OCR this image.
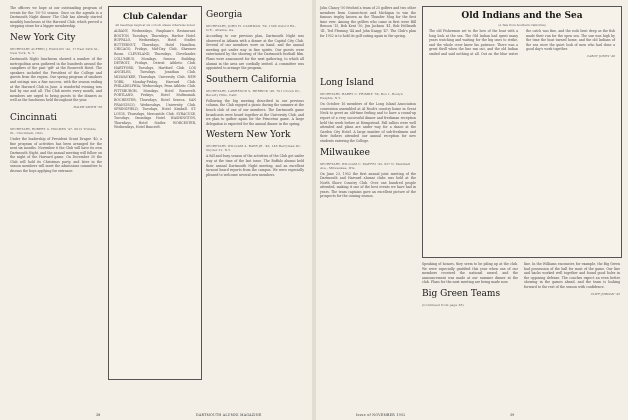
The officers we hope at our outstanding program of events for the '50-'53 season. Once on the agenda is a Dartmouth Night dinner. The Club has already started monthly luncheons at the Harvard Club, which proved a stepping stone for a bigger membership.

New York City

SECRETARY ALFRED J. HANLON '42, 17 East 29th St., New York, N. Y.

Dartmouth Night luncheons showed a number of the metropolitan area gathered in the hundreds around the campfires of the past 'gift' at the Roosevelt Hotel. The speakers included the President of the College and guests from the region. Our spring program of smokers and outings was a fine success, with the season ending at the Harvard Club in June. A wonderful evening was had by one and all. The Club meets every month, and members are urged to bring guests to the dinners as well as the luncheons held throughout the year.

RALPH SMITH '38

Cincinnati

SECRETARY, ROBERT A. HOLMES '47, 6012 Trimble St., Cincinnati, Ohio.

Under the leadership of President Grant Draper '40, a fine program of activities has been arranged for the next six months. November 6 the Club will have its own Dartmouth Night, and the annual meeting will follow on the night of the Harvard game. On December 30 the Club will hold its Christmas party, and later in the season members will meet the admissions committee to discuss the boys applying for entrance.

Club Calendar

All meetings begin at six o'clock unless otherwise noted

ALBANY, Wednesdays, Fanpham's Restaurant. BOSTON, Tuesdays, Thursdays, Harbor Hotel. BUFFALO, Wednesdays, Hotel Statler. BUTTERNUT, Thursdays, Hotel Hamilton. CHICAGO, Fridays, Mid-Day Club, Shawnee Room. CLEVELAND, Thursdays, Clevelander. COLUMBUS, Mondays, Seneca Building. DETROIT, Fridays, Detroit Athletic Club. HARTFORD, Tuesdays, Hartford Club. LOS ANGELES, Tuesdays, Jonathan Club. MILWAUKEE, Thursdays, University Club. NEW YORK, Monday-Friday, Harvard Club. PHILADELPHIA, Wednesdays, Penn Athletic Club. PITTSBURGH, Mondays, Hotel Roosevelt. PORTLAND, Fridays, Hotel Multnomah. ROCHESTER, Thursdays, Hotel Seneca. SAN FRANCISCO, Wednesdays, University Club. SPRINGFIELD, Tuesdays, Hotel Kimball. ST. LOUIS, Thursdays, Mercantile Club. SYRACUSE, Tuesdays, Onondaga Hotel. WASHINGTON, Thursdays, Hotel Statler. WORCESTER, Wednesdays, Hotel Bancroft.

Georgia

SECRETARY, JOHN H. CASHMAN '39, 1306 Oxford Rd., N.E., Atlanta, Ga.

According to our previous plan, Dartmouth Night was observed in Atlanta with a dinner at the Capital City Club. Several of our members were on hand, and the annual meeting got under way in fine spirits. Our guests were entertained by the showing of the Dartmouth football film. Plans were announced for the next gathering, to which all alumni in the area are cordially invited. A committee was appointed to arrange the program.

Southern California

SECRETARY, LAWRENCE S. HERRICK '48, 701 Crown Dr., Beverly Hills, Calif.

Following the big meeting described in our previous column, the Club enjoyed a picnic during the summer at the beach club of one of our members. The Dartmouth game broadcasts were heard together at the University Club, and we plan to gather again for the Princeton game. A large delegation is expected for the annual dinner in the spring.

Western New York

SECRETARY, WILLIAM A. BAER JR. '46, 148 Berryman Dr., Snyder 21, N.Y.

A full and busy season of the activities of the Club got under way at the time of the last issue. The Buffalo alumni held their annual Dartmouth Night meeting, and an excellent turnout heard reports from the campus. We were especially pleased to welcome several new members.

38	DARTMOUTH ALUMNI MAGAZINE

John Clancy '50 fetched a team of 25 golfers and two other members from Connecticut and Michigan to win the famous trophy known as the Thunder Mug for the first time ever. Among the golfers who came in first were Bill Benson '15, Bob Kent '30, Jim Jackson '41, Bob Hellmuth '41, Ted Fleming '44 and John Knapp '47. The Club's plan for 1952 is to hold its golf outing again in the spring.

Long Island

SECRETARY, HARRY C. FRISBIE '36, Box 1, Roslyn Heights, N.Y.

On October 16 members of the Long Island Association convention assembled at Al Roob's country home in Great Neck to greet an old-time feeling and to have a round-up report of a very successful dinner and freshman reception held the week before at Hempstead. Fall rallies were well attended and plans are under way for a dance at the Garden City Hotel. A large number of sub-freshmen and their fathers attended our annual reception for new students entering the College.

Milwaukee

SECRETARY, WILLIAM C. MAFFEI '43, 937 N. Marshall Ave., Milwaukee, Wis.

On June 23, 1952 the first annual joint meeting of the Dartmouth and Harvard alumni clubs was held at the North Shore Country Club. Over one hundred people attended, making it one of the best events we have had in years. The team captains gave an excellent picture of the prospects for the coming season.

Old Indians and the Sea

(A Tale from Southern California)

The old Fishermen set to the bow of the boat with a long look at the sea. The Old Indian had spent many years watching and waiting for the big ones to strike, and the whole crew knew his patience. There was a great thrill when the line ran out, and the old Indian smiled and said nothing at all. Out on the blue water the catch was fine, and the rods bent deep as the fish made their run for the open sea. The sun was high by the time the boat turned home, and the old Indians of the sea wore the quiet look of men who had done a good day's work together.

CABOT JONES '46

Speaking of honors, they seem to be piling up at the club. We were especially gratified this year when one of our members received the national award, and the announcement was made at our summer dinner at the club. Plans for the next meeting are being made now.

Big Green Teams

(Continued from page 38)

line. In the Williams encounter, for example, the Big Green had possession of the ball for most of the game. Our line and backs worked well together and found good holes in the opposing defense. The coaches expect an even better showing in the games ahead, and the team is looking forward to the rest of the season with confidence.

CLIFF JORDAN '45

Issue of NOVEMBER 1952	39
